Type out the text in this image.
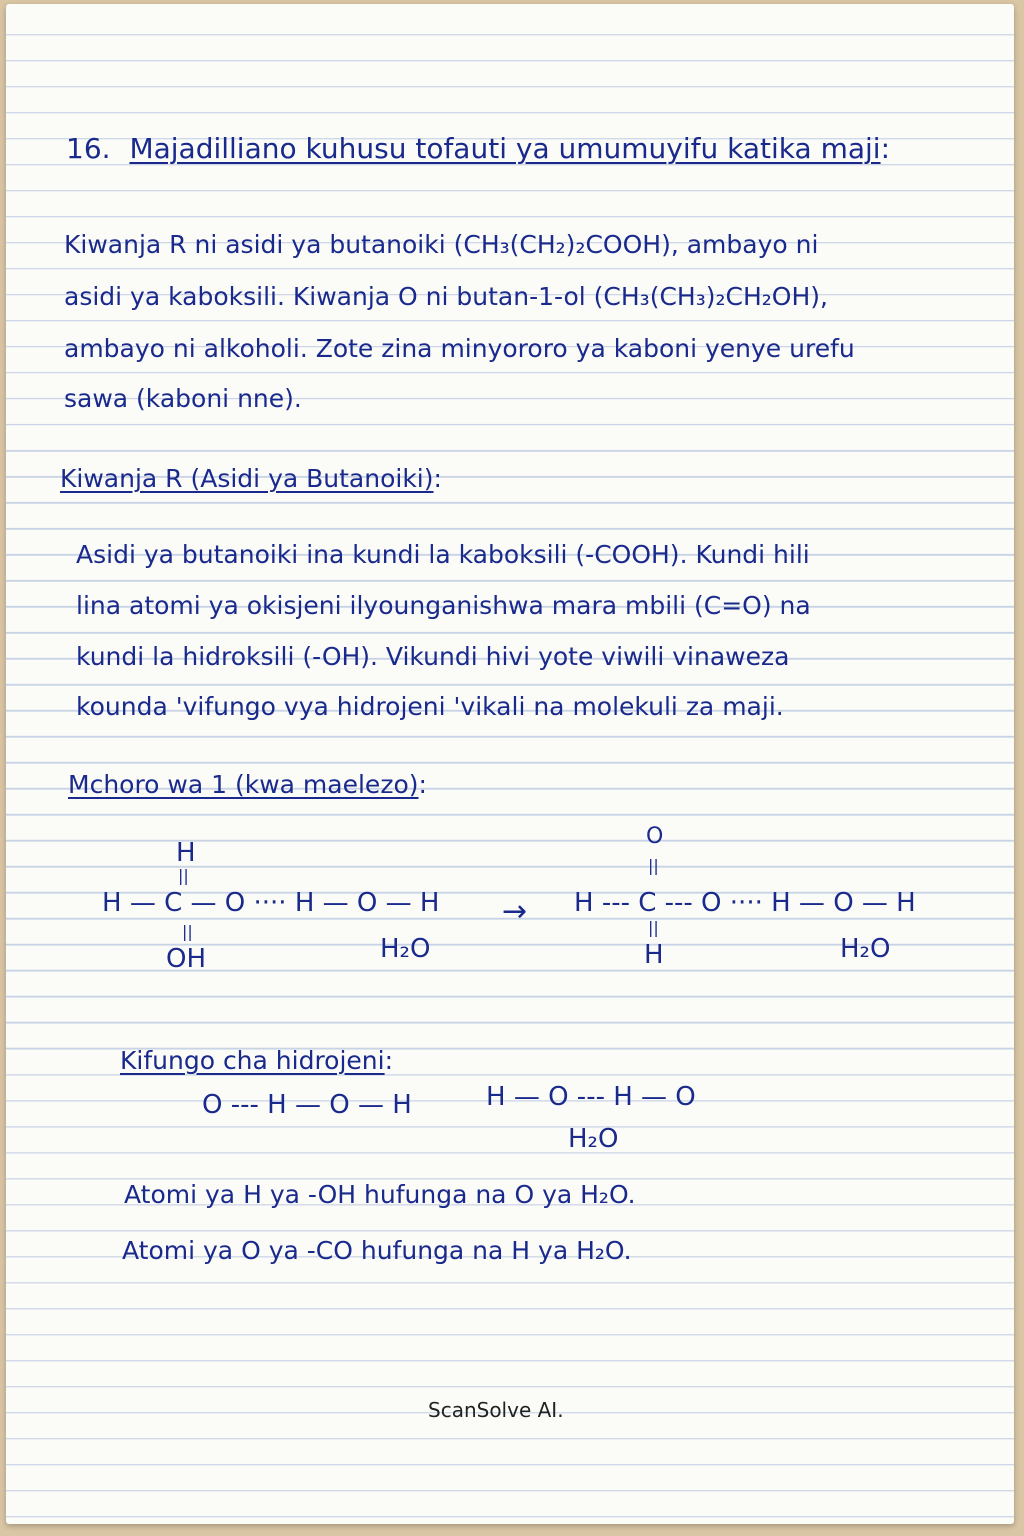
16. Majadilliano kuhusu tofauti ya umumuyifu katika maji:
Kiwanja R ni asidi ya butanoiki (CH₃(CH₂)₂COOH), ambayo ni
asidi ya kaboksili. Kiwanja O ni butan-1-ol (CH₃(CH₃)₂CH₂OH),
ambayo ni alkoholi. Zote zina minyororo ya kaboni yenye urefu
sawa (kaboni nne).
Kiwanja R (Asidi ya Butanoiki):
Asidi ya butanoiki ina kundi la kaboksili (-COOH). Kundi hili
lina atomi ya okisjeni ilyounganishwa mara mbili (C=O) na
kundi la hidroksili (-OH). Vikundi hivi yote viwili vinaweza
kounda 'vifungo vya hidrojeni 'vikali na molekuli za maji.
Mchoro wa 1 (kwa maelezo):
H
||
H — C — O ···· H — O — H
||
OH	H₂O
→
O
||
H --- C --- O ···· H — O — H
||
H	H₂O
Kifungo cha hidrojeni:
O --- H — O — H	H — O --- H — O
H₂O
Atomi ya H ya -OH hufunga na O ya H₂O.
Atomi ya O ya -CO hufunga na H ya H₂O.
ScanSolve AI.
